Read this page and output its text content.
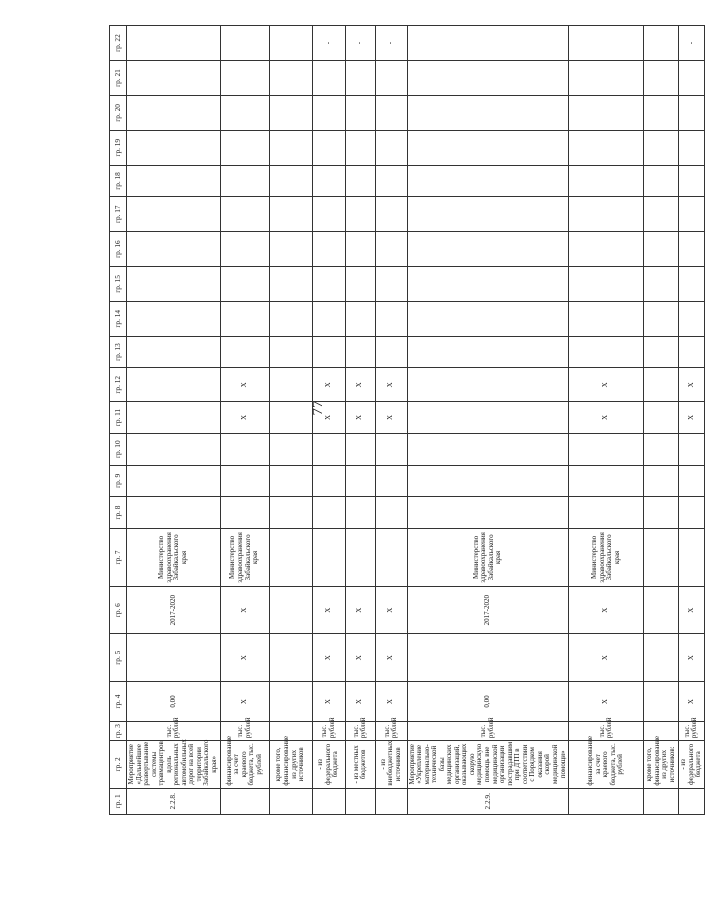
77
гр. 1	гр. 2	гр. 3	гр. 4	гр. 5	гр. 6	гр. 7	гр. 8	гр. 9	гр. 10	гр. 11	гр. 12	гр. 13	гр. 14	гр. 15	гр. 16	гр. 17	гр. 18	гр. 19	гр. 20	гр. 21	гр. 22
2.2.8.	Мероприятие «Дальнейшее развертывание системы травмацентров вдоль региональных автомобильных дорог на всей территории Забайкальского края»	тыс. рублей	0,00		2017-2020	Министерство здравоохранения Забайкальского края															
	финансирование за счет краевого бюджета, тыс. рублей	тыс. рублей	X	X	X	Министерство здравоохранения Забайкальского края				X	X										
	кроме того, финансирование из других источников																				
	- из федерального бюджета	тыс. рублей	X	X	X					X	X										-
	- из местных бюджетов	тыс. рублей	X	X	X					X	X										-
	- из внебюджетных источников	тыс. рублей	X	X	X					X	X										-
2.2.9.	Мероприятие «Укрепление материально-технической базы медицинских организаций, оказывающих скорую медицинскую помощь вне медицинской организации пострадавшим при ДТП в соответствии с Порядком оказания скорой медицинской помощи»	тыс. рублей	0,00		2017-2020	Министерство здравоохранения Забайкальского края															
	финансирование за счет краевого бюджета, тыс. рублей	тыс. рублей	X	X	X	Министерство здравоохранения Забайкальского края				X	X										
	кроме того, финансирование из других источников:																				
	- из федерального бюджета	тыс. рублей	X	X	X					X	X										-
